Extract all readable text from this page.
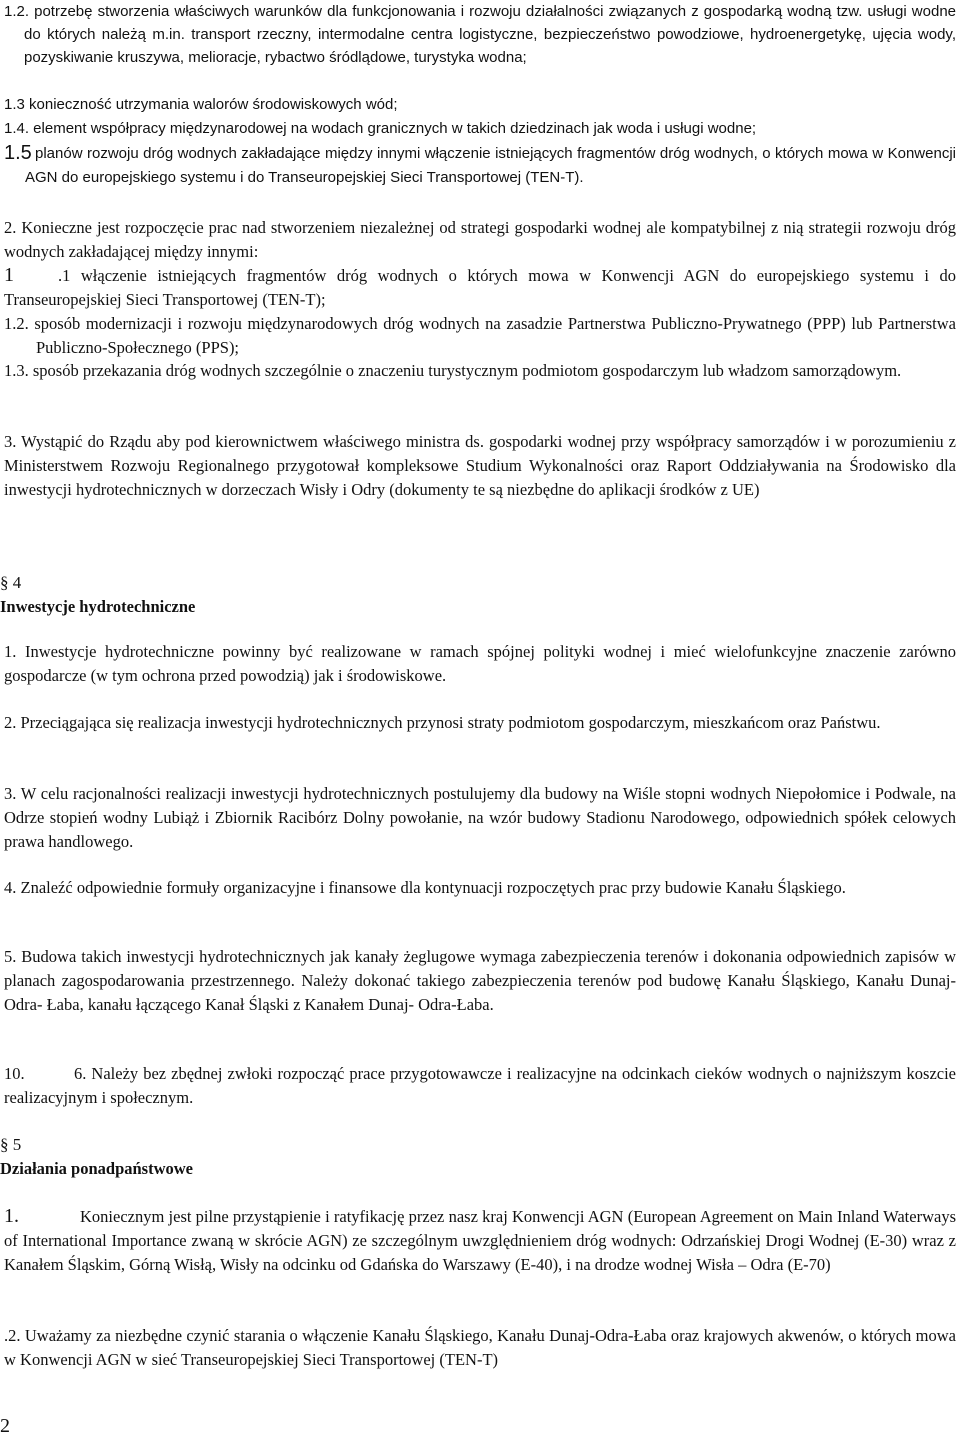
1.2. potrzebę stworzenia właściwych warunków dla funkcjonowania i rozwoju działalności związanych z gospodarką wodną tzw. usługi wodne do których należą m.in. transport rzeczny, intermodalne centra logistyczne, bezpieczeństwo powodziowe, hydroenergetykę, ujęcia wody, pozyskiwanie kruszywa, melioracje, rybactwo śródlądowe, turystyka wodna;

1.3 konieczność utrzymania walorów środowiskowych wód;

1.4. element współpracy międzynarodowej na wodach granicznych w takich dziedzinach jak woda i usługi wodne;

1.5 planów rozwoju dróg wodnych zakładające między innymi włączenie istniejących fragmentów dróg wodnych, o których mowa w Konwencji AGN do europejskiego systemu i do Transeuropejskiej Sieci Transportowej (TEN-T).

2. Konieczne jest rozpoczęcie prac nad stworzeniem niezależnej od strategi gospodarki wodnej ale kompatybilnej z nią strategii rozwoju dróg wodnych zakładającej między innymi:

1	.1 włączenie istniejących fragmentów dróg wodnych o których mowa w Konwencji AGN do europejskiego systemu i do Transeuropejskiej Sieci Transportowej (TEN-T);

1.2. sposób modernizacji i rozwoju międzynarodowych dróg wodnych na zasadzie Partnerstwa Publiczno-Prywatnego (PPP) lub Partnerstwa Publiczno-Społecznego (PPS);

1.3. sposób przekazania dróg wodnych szczególnie o znaczeniu turystycznym podmiotom gospodarczym lub władzom samorządowym.

3. Wystąpić do Rządu aby pod kierownictwem właściwego ministra ds. gospodarki wodnej przy współpracy samorządów i w porozumieniu z Ministerstwem Rozwoju Regionalnego przygotował kompleksowe Studium Wykonalności oraz Raport Oddziaływania na Środowisko dla inwestycji hydrotechnicznych w dorzeczach Wisły i Odry (dokumenty te są niezbędne do aplikacji środków z UE)

§ 4
Inwestycje hydrotechniczne

1. Inwestycje hydrotechniczne powinny być realizowane w ramach spójnej polityki wodnej i mieć wielofunkcyjne znaczenie zarówno gospodarcze (w tym ochrona przed powodzią) jak i środowiskowe.

2. Przeciągająca się realizacja inwestycji hydrotechnicznych przynosi straty podmiotom gospodarczym, mieszkańcom oraz Państwu.

3. W celu racjonalności realizacji inwestycji hydrotechnicznych postulujemy dla budowy na Wiśle stopni wodnych Niepołomice i Podwale, na Odrze stopień wodny Lubiąż i Zbiornik Racibórz Dolny powołanie, na wzór budowy Stadionu Narodowego, odpowiednich spółek celowych prawa handlowego.

4. Znaleźć odpowiednie formuły organizacyjne i finansowe dla kontynuacji rozpoczętych prac przy budowie Kanału Śląskiego.

5. Budowa takich inwestycji hydrotechnicznych jak kanały żeglugowe wymaga zabezpieczenia terenów i dokonania odpowiednich zapisów w planach zagospodarowania przestrzennego. Należy dokonać takiego zabezpieczenia terenów pod budowę Kanału Śląskiego, Kanału Dunaj-Odra- Łaba, kanału łączącego Kanał Śląski z Kanałem Dunaj- Odra-Łaba.

10.	6. Należy bez zbędnej zwłoki rozpocząć prace przygotowawcze i realizacyjne na odcinkach cieków wodnych o najniższym koszcie realizacyjnym i społecznym.

§ 5
Działania ponadpaństwowe
1.	Koniecznym jest pilne przystąpienie i ratyfikację przez nasz kraj Konwencji AGN (European Agreement on Main Inland Waterways of International Importance zwaną w skrócie AGN) ze szczególnym uwzględnieniem dróg wodnych: Odrzańskiej Drogi Wodnej (E-30) wraz z Kanałem Śląskim, Górną Wisłą, Wisły na odcinku od Gdańska do Warszawy (E-40), i na drodze wodnej Wisła – Odra (E-70)

.2. Uważamy za niezbędne czynić starania o włączenie Kanału Śląskiego, Kanału Dunaj-Odra-Łaba oraz krajowych akwenów, o których mowa w Konwencji AGN w sieć Transeuropejskiej Sieci Transportowej (TEN-T)

2
